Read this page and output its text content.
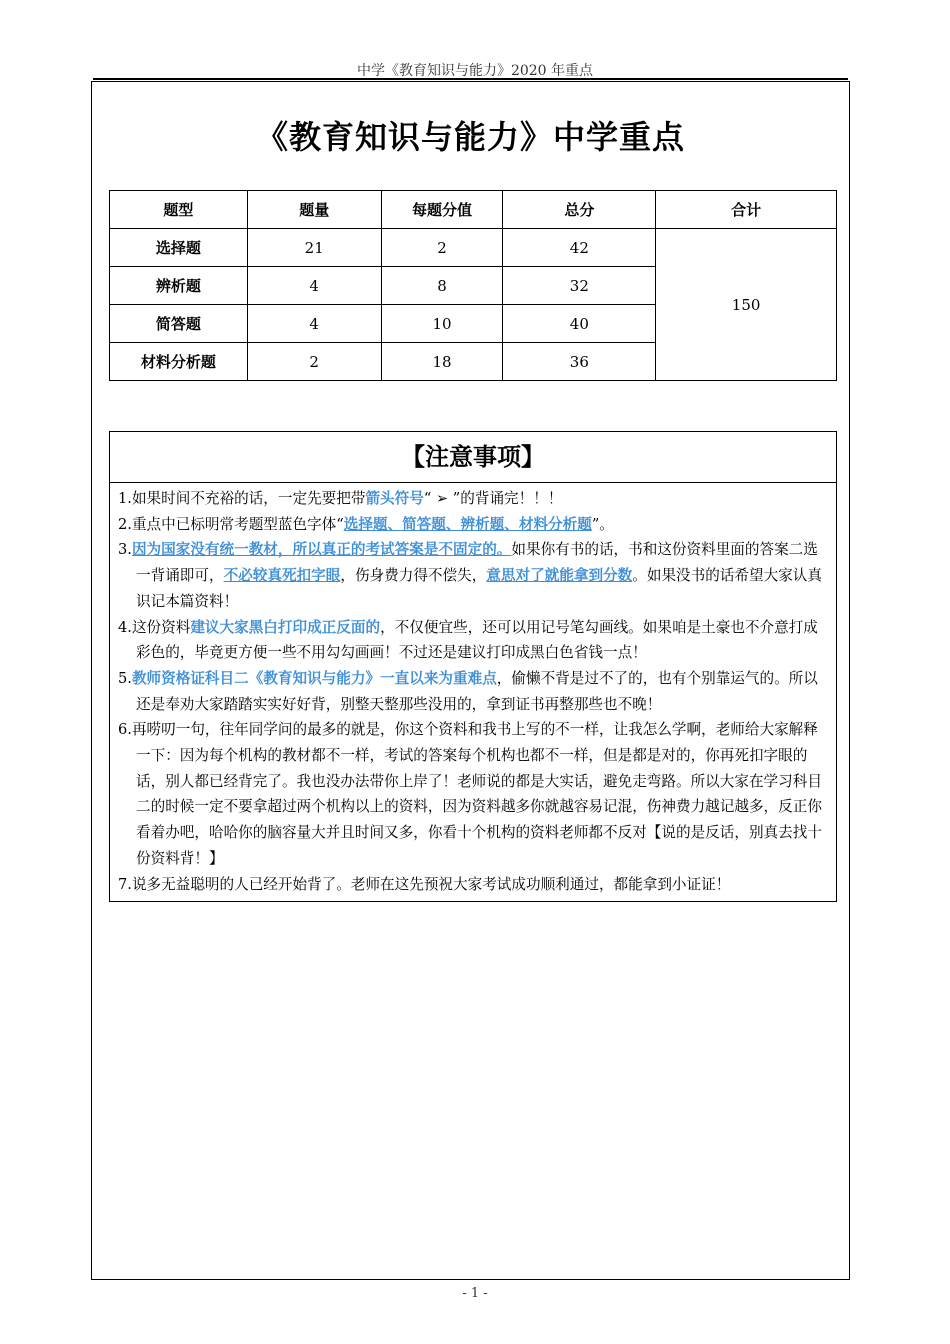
中学《教育知识与能力》2020 年重点
《教育知识与能力》中学重点
题型	题量	每题分值	总分	合计
选择题	21	2	42	150
辨析题	4	8	32	
简答题	4	10	40	
材料分析题	2	18	36	
【注意事项】
1.如果时间不充裕的话，一定先要把带箭头符号“ ➢ ”的背诵完！！！
2.重点中已标明常考题型蓝色字体“选择题、简答题、辨析题、材料分析题”。
3.因为国家没有统一教材，所以真正的考试答案是不固定的。如果你有书的话，书和这份资料里面的答案二选一背诵即可，不必较真死扣字眼，伤身费力得不偿失，意思对了就能拿到分数。如果没书的话希望大家认真识记本篇资料！
4.这份资料建议大家黑白打印成正反面的，不仅便宜些，还可以用记号笔勾画线。如果咱是土豪也不介意打成彩色的，毕竟更方便一些不用勾勾画画！不过还是建议打印成黑白色省钱一点！
5.教师资格证科目二《教育知识与能力》一直以来为重难点，偷懒不背是过不了的，也有个别靠运气的。所以还是奉劝大家踏踏实实好好背，别整天整那些没用的，拿到证书再整那些也不晚！
6.再唠叨一句，往年同学问的最多的就是，你这个资料和我书上写的不一样，让我怎么学啊，老师给大家解释一下：因为每个机构的教材都不一样，考试的答案每个机构也都不一样，但是都是对的，你再死扣字眼的话，别人都已经背完了。我也没办法带你上岸了！老师说的都是大实话，避免走弯路。所以大家在学习科目二的时候一定不要拿超过两个机构以上的资料，因为资料越多你就越容易记混，伤神费力越记越多，反正你看着办吧，哈哈你的脑容量大并且时间又多，你看十个机构的资料老师都不反对【说的是反话，别真去找十份资料背！】
7.说多无益聪明的人已经开始背了。老师在这先预祝大家考试成功顺利通过，都能拿到小证证！
- 1 -
